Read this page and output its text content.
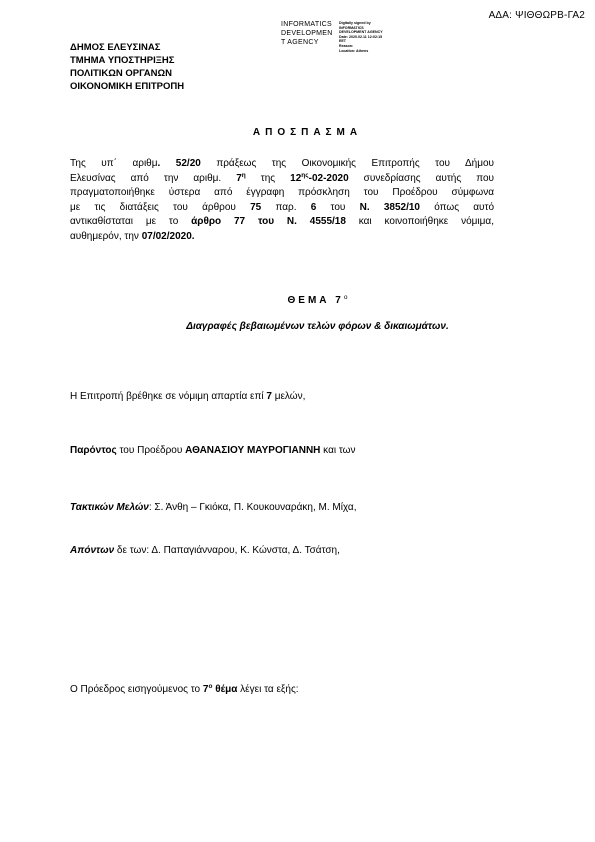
ΑΔΑ: ΨΙΘΘΩΡΒ-ΓΑ2
INFORMATICS
DEVELOPMEN
T AGENCY
Digitally signed by
INFORMATICS
DEVELOPMENT AGENCY
Date: 2020.02.11 12:02:15
EET
Reason:
Location: Athens
ΔΗΜΟΣ ΕΛΕΥΣΙΝΑΣ
ΤΜΗΜΑ ΥΠΟΣΤΗΡΙΞΗΣ
ΠΟΛΙΤΙΚΩΝ ΟΡΓΑΝΩΝ
ΟΙΚΟΝΟΜΙΚΗ ΕΠΙΤΡΟΠΗ
ΑΠΟΣΠΑΣΜΑ
Της υπ΄ αριθμ. 52/20 πράξεως της Οικονομικής Επιτροπής του Δήμου
Ελευσίνας από την αριθμ. $7^\eta$ της $12^{\eta\varsigma}-02-2020$ συνεδρίασης αυτής που
πραγματοποιήθηκε ύστερα από έγγραφη πρόσκληση του Προέδρου σύμφωνα
με τις διατάξεις του άρθρου 75 παρ. 6 του Ν. 3852/10 όπως αυτό
αντικαθίσταται με το άρθρο 77 του Ν. 4555/18 και κοινοποιήθηκε νόμιμα,
αυθημερόν, την 07/02/2020.
ΘΕΜΑ $7^o$
Διαγραφές βεβαιωμένων τελών φόρων & δικαιωμάτων.
Η Επιτροπή βρέθηκε σε νόμιμη απαρτία επί 7 μελών,
Παρόντος του Προέδρου ΑΘΑΝΑΣΙΟΥ ΜΑΥΡΟΓΙΑΝΝΗ και των
Τακτικών Μελών: Σ. Άνθη – Γκιόκα, Π. Κουκουναράκη, Μ. Μίχα,
Απόντων δε των: Δ. Παπαγιάνναρου, Κ. Κώνστα, Δ. Τσάτση,
Ο Πρόεδρος εισηγούμενος το $7^o$ θέμα λέγει τα εξής:
